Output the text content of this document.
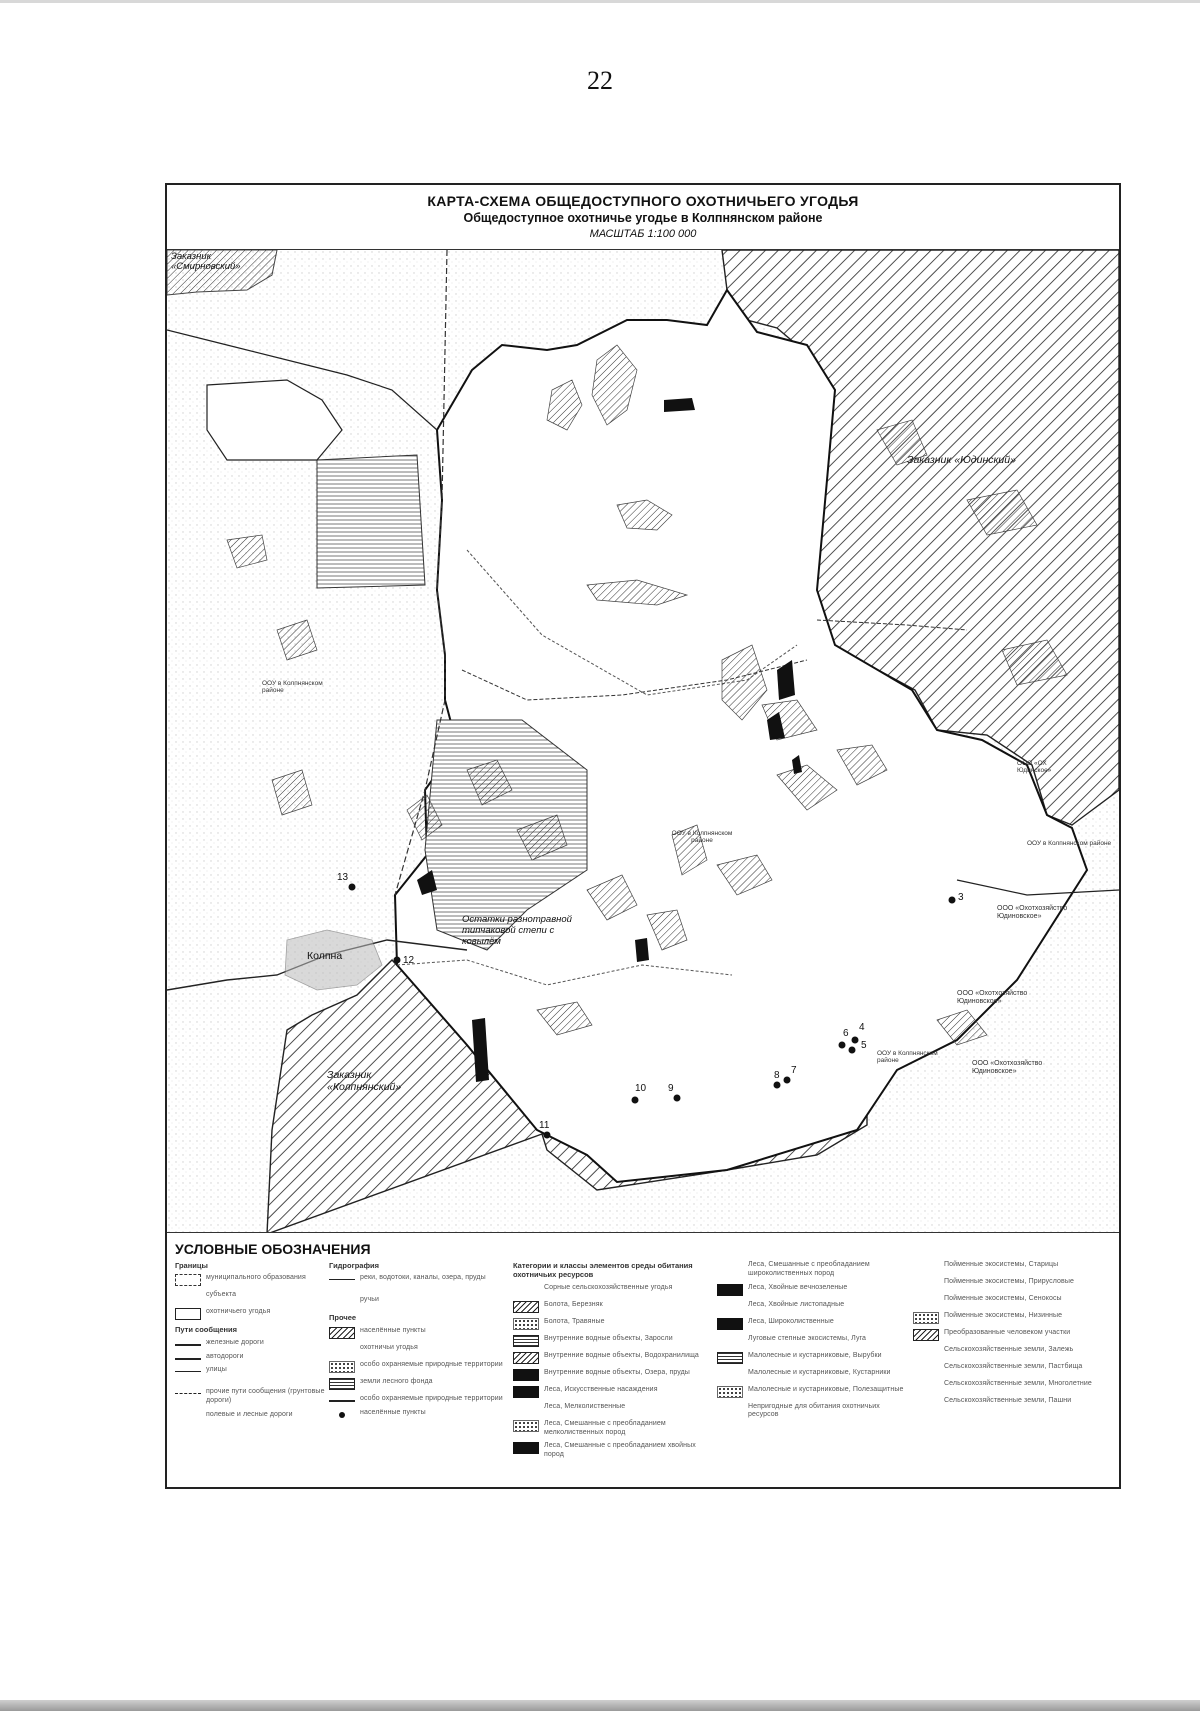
22
КАРТА-СХЕМА ОБЩЕДОСТУПНОГО ОХОТНИЧЬЕГО УГОДЬЯ
Общедоступное охотничье угодье в Колпнянском районе
МАСШТАБ 1:100 000
Заказник «Смирновский»
Заказник «Юдинский»
Заказник «Колпнянский»
Колпна
Остатки разнотравной типчаковой степи с ковылём
ООУ в Колпнянском районе
ООО «ОХ Юдинское»
ООО «Охотхозяйство Юдиновское»
ООО «Охотхозяйство Юдиновское»
ООО «Охотхозяйство Юдиновское»
ООУ в Колпнянском районе
ООУ в Колпнянском районе
ООУ в Колпнянском районе
13
12
3
4
5
6
7
8
9
10
11
УСЛОВНЫЕ ОБОЗНАЧЕНИЯ
Границы
муниципального образования
субъекта
охотничьего угодья
Пути сообщения
железные дороги
автодороги
улицы
прочие пути сообщения (грунтовые дороги)
полевые и лесные дороги
Гидрография
реки, водотоки, каналы, озера, пруды
ручьи
Прочее
населённые пункты
охотничьи угодья
особо охраняемые природные территории
земли лесного фонда
особо охраняемые природные территории
населённые пункты
Категории и классы элементов среды обитания охотничьих ресурсов
Сорные сельскохозяйственные угодья
Болота, Березняк
Болота, Травяные
Внутренние водные объекты, Заросли
Внутренние водные объекты, Водохранилища
Внутренние водные объекты, Озера, пруды
Леса, Искусственные насаждения
Леса, Мелколиственные
Леса, Смешанные с преобладанием мелколиственных пород
Леса, Смешанные с преобладанием хвойных пород
Леса, Смешанные с преобладанием широколиственных пород
Леса, Хвойные вечнозеленые
Леса, Хвойные листопадные
Леса, Широколиственные
Луговые степные экосистемы, Луга
Малолесные и кустарниковые, Вырубки
Малолесные и кустарниковые, Кустарники
Малолесные и кустарниковые, Полезащитные
Непригодные для обитания охотничьих ресурсов
Пойменные экосистемы, Старицы
Пойменные экосистемы, Прирусловые
Пойменные экосистемы, Сенокосы
Пойменные экосистемы, Низинные
Преобразованные человеком участки
Сельскохозяйственные земли, Залежь
Сельскохозяйственные земли, Пастбища
Сельскохозяйственные земли, Многолетние
Сельскохозяйственные земли, Пашни
